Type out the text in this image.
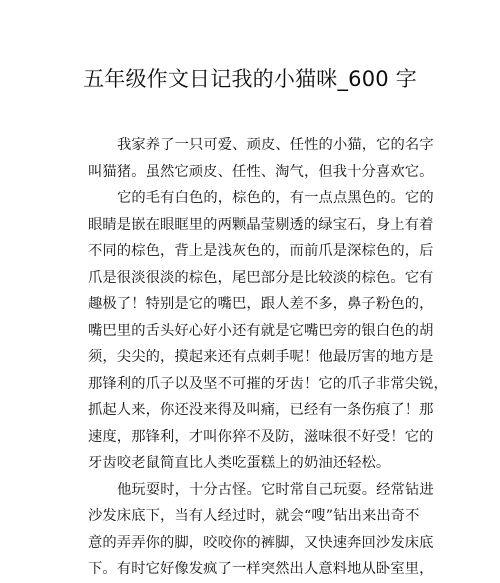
五年级作文日记我的小猫咪_600 字
我家养了一只可爱、顽皮、任性的小猫，它的名字
叫猫猪。虽然它顽皮、任性、淘气，但我十分喜欢它。
它的毛有白色的，棕色的，有一点点黑色的。它的
眼睛是嵌在眼眶里的两颗晶莹剔透的绿宝石，身上有着
不同的棕色，背上是浅灰色的，而前爪是深棕色的，后
爪是很淡很淡的棕色，尾巴部分是比较淡的棕色。它有
趣极了！特别是它的嘴巴，跟人差不多，鼻子粉色的，
嘴巴里的舌头好心好小还有就是它嘴巴旁的银白色的胡
须，尖尖的，摸起来还有点刺手呢！他最厉害的地方是
那锋利的爪子以及坚不可摧的牙齿！它的爪子非常尖锐，
抓起人来，你还没来得及叫痛，已经有一条伤痕了！那
速度，那锋利，才叫你猝不及防，滋味很不好受！它的
牙齿咬老鼠简直比人类吃蛋糕上的奶油还轻松。
他玩耍时，十分古怪。它时常自己玩耍。经常钻进
沙发床底下，当有人经过时，就会“嗖”钻出来出奇不
意的弄弄你的脚，咬咬你的裤脚，又快速奔回沙发床底
下。有时它好像发疯了一样突然出人意料地从卧室里，
